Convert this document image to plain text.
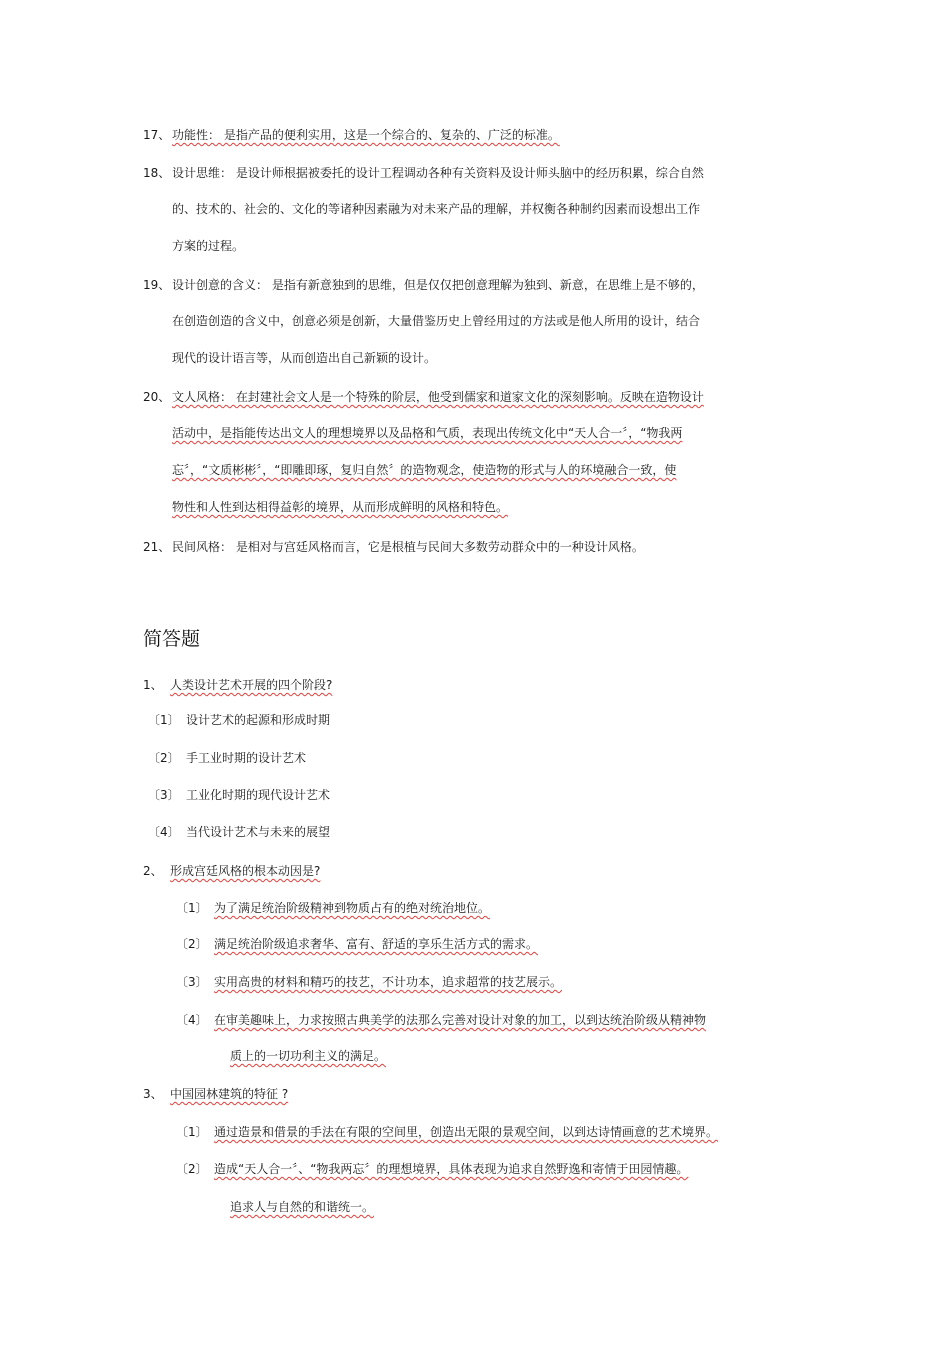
17、 功能性： 是指产品的便利实用，这是一个综合的、复杂的、广泛的标准。
18、 设计思维： 是设计师根据被委托的设计工程调动各种有关资料及设计师头脑中的经历积累，综合自然
的、技术的、社会的、文化的等诸种因素融为对未来产品的理解，并权衡各种制约因素而设想出工作
方案的过程。
19、 设计创意的含义： 是指有新意独到的思维，但是仅仅把创意理解为独到、新意，在思维上是不够的，
在创造创造的含义中，创意必须是创新，大量借鉴历史上曾经用过的方法或是他人所用的设计，结合
现代的设计语言等，从而创造出自己新颖的设计。
20、 文人风格： 在封建社会文人是一个特殊的阶层，他受到儒家和道家文化的深刻影响。反映在造物设计
活动中，是指能传达出文人的理想境界以及品格和气质，表现出传统文化中“天人合一〞，“物我两
忘〞，“文质彬彬〞，“即雕即琢，复归自然〞的造物观念，使造物的形式与人的环境融合一致，使
物性和人性到达相得益彰的境界，从而形成鲜明的风格和特色。
21、 民间风格： 是相对与宫廷风格而言，它是根植与民间大多数劳动群众中的一种设计风格。
简答题
1、 人类设计艺术开展的四个阶段?
〔1〕 设计艺术的起源和形成时期
〔2〕 手工业时期的设计艺术
〔3〕 工业化时期的现代设计艺术
〔4〕 当代设计艺术与未来的展望
2、 形成宫廷风格的根本动因是?
〔1〕 为了满足统治阶级精神到物质占有的绝对统治地位。
〔2〕 满足统治阶级追求奢华、富有、舒适的享乐生活方式的需求。
〔3〕 实用高贵的材料和精巧的技艺，不计功本，追求超常的技艺展示。
〔4〕 在审美趣味上，力求按照古典美学的法那么完善对设计对象的加工，以到达统治阶级从精神物
质上的一切功利主义的满足。
3、 中国园林建筑的特征 ?
〔1〕 通过造景和借景的手法在有限的空间里，创造出无限的景观空间，以到达诗情画意的艺术境界。
〔2〕 造成“天人合一〞、“物我两忘〞的理想境界，具体表现为追求自然野逸和寄情于田园情趣。
追求人与自然的和谐统一。
